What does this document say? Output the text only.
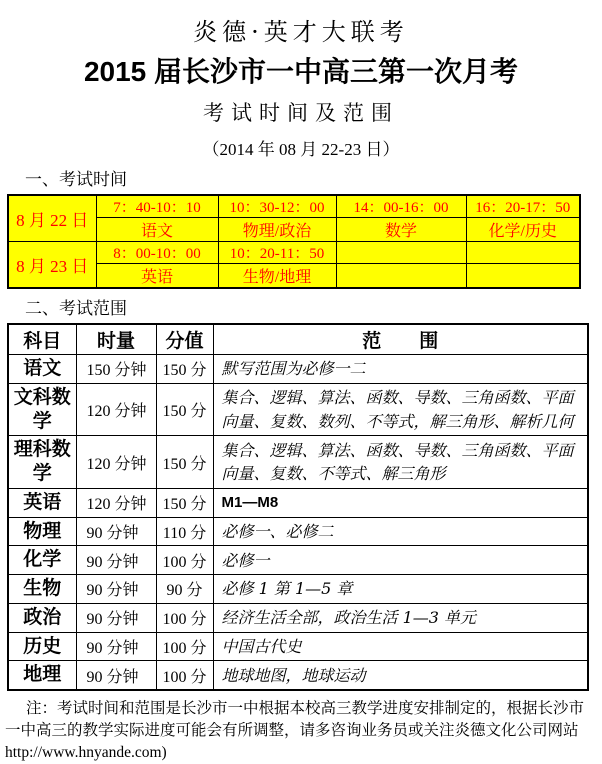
炎德·英才大联考
2015 届长沙市一中高三第一次月考
考试时间及范围
（2014 年 08 月 22-23 日）
一、考试时间
8 月 22 日	7：40-10：10	10：30-12：00	14：00-16：00	16：20-17：50
	语文	物理/政治	数学	化学/历史
8 月 23 日	8：00-10：00	10：20-11：50		
	英语	生物/地理		
二、考试范围
科目	时量	分值	范　　围
语文	150 分钟	150 分	默写范围为必修一二
文科数学	120 分钟	150 分	集合、逻辑、算法、函数、导数、三角函数、平面向量、复数、数列、不等式，解三角形、解析几何
理科数学	120 分钟	150 分	集合、逻辑、算法、函数、导数、三角函数、平面向量、复数、不等式、解三角形
英语	120 分钟	150 分	M1—M8
物理	90 分钟	110 分	必修一、必修二
化学	90 分钟	100 分	必修一
生物	90 分钟	90 分	必修 1 第 1—5 章
政治	90 分钟	100 分	经济生活全部，政治生活 1—3 单元
历史	90 分钟	100 分	中国古代史
地理	90 分钟	100 分	地球地图，地球运动
注：考试时间和范围是长沙市一中根据本校高三教学进度安排制定的，根据长沙市一中高三的教学实际进度可能会有所调整，请多咨询业务员或关注炎德文化公司网站http://www.hnyande.com)
